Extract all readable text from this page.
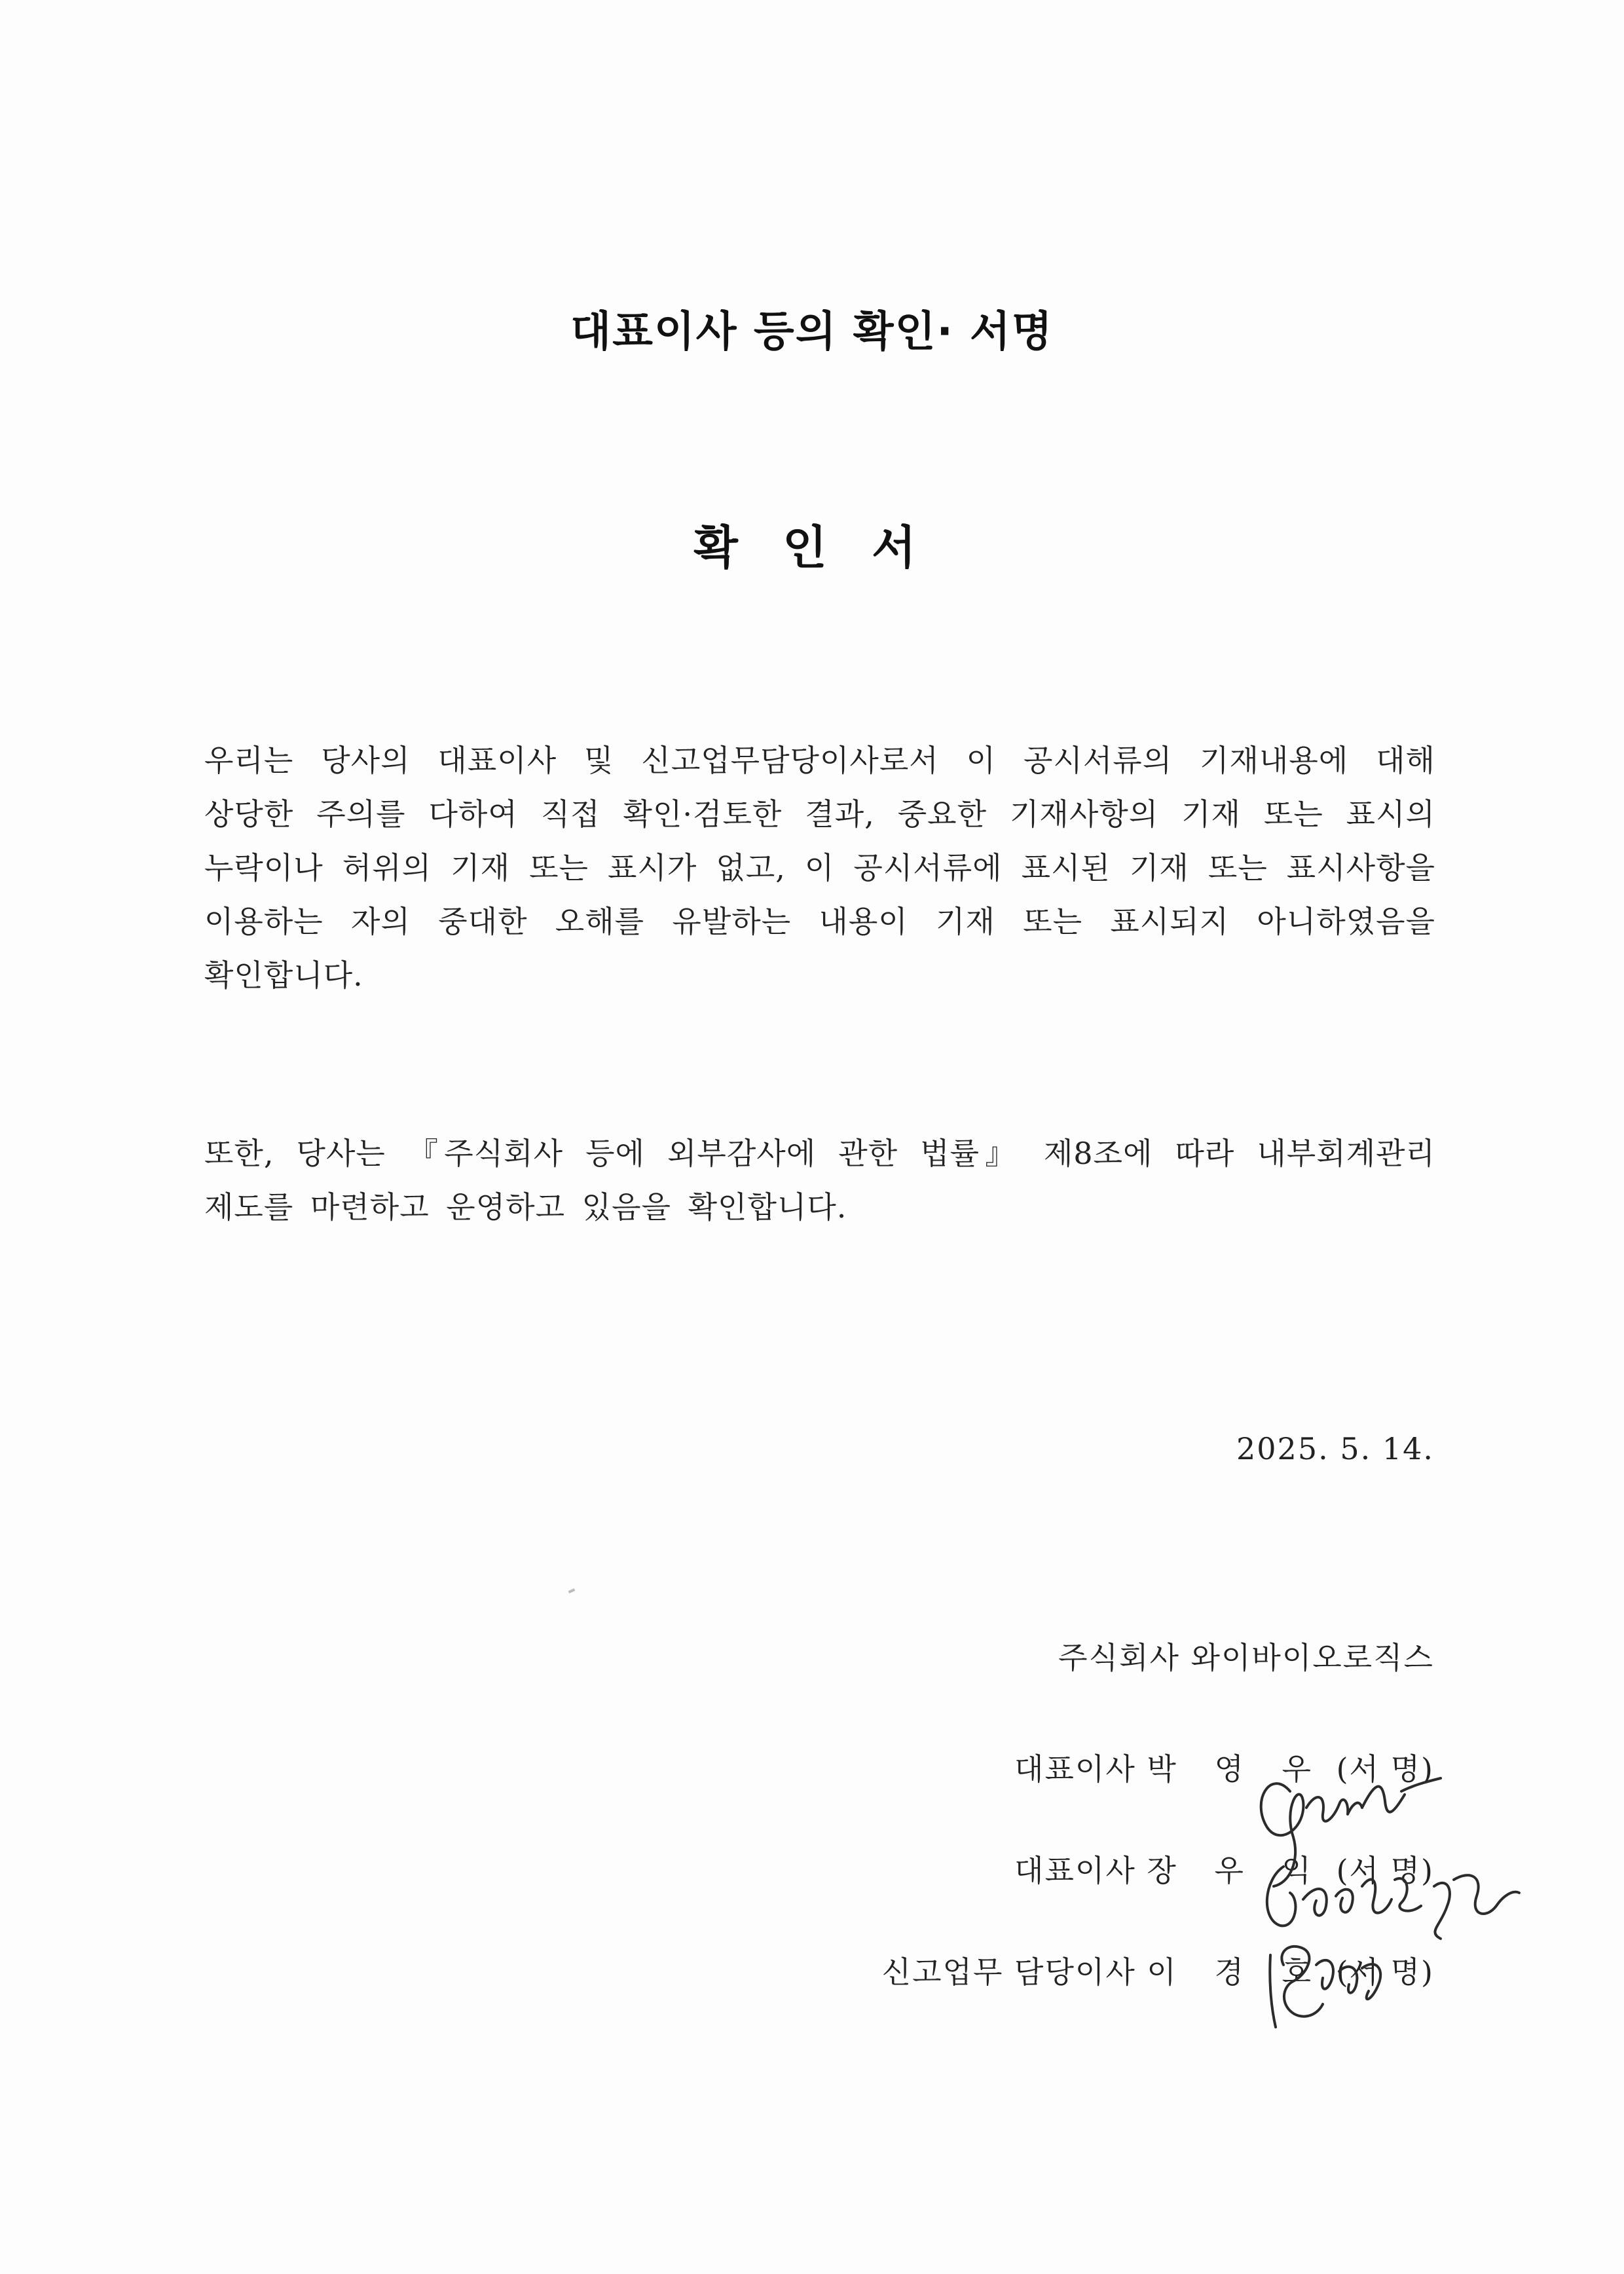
대표이사 등의 확인· 서명
확 인 서
우리는 당사의 대표이사 및 신고업무담당이사로서 이 공시서류의 기재내용에 대해 상당한 주의를 다하여 직접 확인·검토한 결과, 중요한 기재사항의 기재 또는 표시의 누락이나 허위의 기재 또는 표시가 없고, 이 공시서류에 표시된 기재 또는 표시사항을 이용하는 자의 중대한 오해를 유발하는 내용이 기재 또는 표시되지 아니하였음을 확인합니다.
또한, 당사는 『주식회사 등에 외부감사에 관한 법률』 제8조에 따라 내부회계관리 제도를 마련하고 운영하고 있음을 확인합니다.
2025. 5. 14.
주식회사 와이바이오로직스
대표이사 박 영 우 (서 명)
대표이사 장 우 익 (서 명)
신고업무 담당이사 이 경 호 (서 명)
